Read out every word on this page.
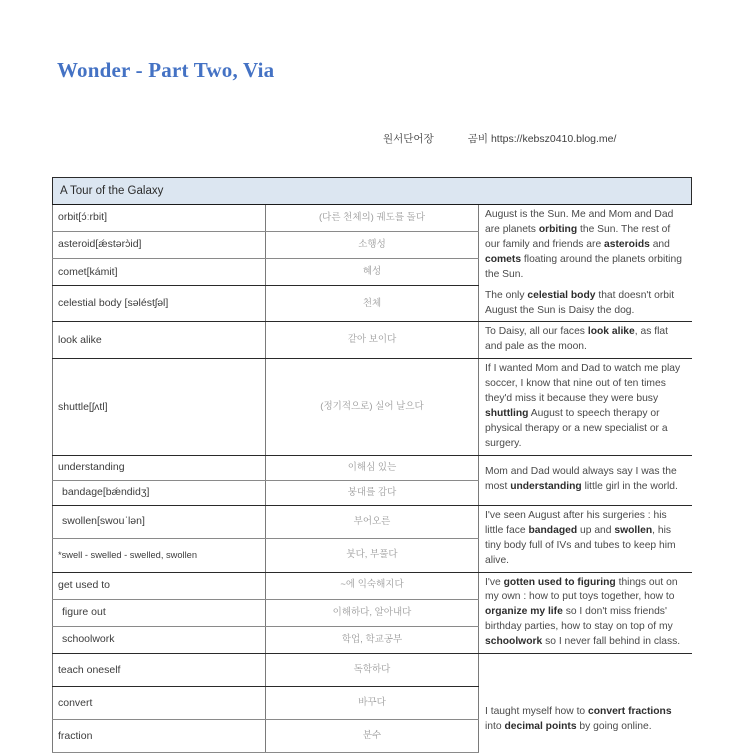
Wonder - Part Two, Via
원서단어장	곰비 https://kebsz0410.blog.me/
A Tour of the Galaxy		
orbit[ɔ́ːrbit]	(다른 천체의) 궤도를 돌다	August is the Sun. Me and Mom and Dad are planets orbiting the Sun. The rest of our family and friends are asteroids and comets floating around the planets orbiting the Sun.
asteroid[ǽstərɔ̀id]	소행성	
comet[kámit]	혜성	
celestial body [səléstʃəl]	천체	The only celestial body that doesn't orbit August the Sun is Daisy the dog.
look alike	같아 보이다	To Daisy, all our faces look alike, as flat and pale as the moon.
shuttle[ʃʌtl]	(정기적으로) 실어 날으다	If I wanted Mom and Dad to watch me play soccer, I know that nine out of ten times they'd miss it because they were busy shuttling August to speech therapy or physical therapy or a new specialist or a surgery.
understanding	이해심 있는	Mom and Dad would always say I was the most understanding little girl in the world.
bandage[bǽndidʒ]	붕대를 감다	
swollen[swouˈlən]	부어오른	I've seen August after his surgeries : his little face bandaged up and swollen, his tiny body full of IVs and tubes to keep him alive.
*swell - swelled - swelled, swollen	붓다, 부풀다	
get used to	~에 익숙해지다	I've gotten used to figuring things out on my own : how to put toys together, how to organize my life so I don't miss friends' birthday parties, how to stay on top of my schoolwork so I never fall behind in class.
figure out	이해하다, 알아내다	
schoolwork	학업, 학교공부	
teach oneself	독학하다	
convert	바꾸다	I taught myself how to convert fractions into decimal points by going online.
fraction	분수	
